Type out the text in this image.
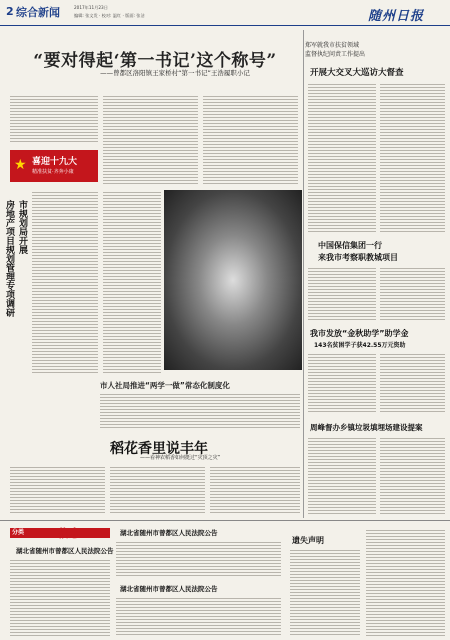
2 综合新闻	2017年11月23日
编辑: 张文发 · 校对: 温红 · 版面: 张洁	随州日报
“要对得起‘第一书记’这个称号”
——曾都区洛阳镇王家桥村“第一书记”王浩履职小记
★ 喜迎十九大
精准扶贫·齐奔小康
市规划局开展
房地产项目规划管理专项调研
市人社局推进“两学一做”常态化制度化
稻花香里说丰年
——看神农稻香如何挺过“灾顶之灾”
郑军就我市扶贫领域
监督执纪问责工作提出
开展大交叉大巡访大督查
中国保信集团一行
来我市考察职教城项目
我市发放“金秋助学”助学金
143名贫困学子获42.55万元资助
周峰督办乡镇垃圾填埋场建设提案
分类	信息
湖北省随州市曾都区人民法院公告
湖北省随州市曾都区人民法院公告
湖北省随州市曾都区人民法院公告
遗失声明
